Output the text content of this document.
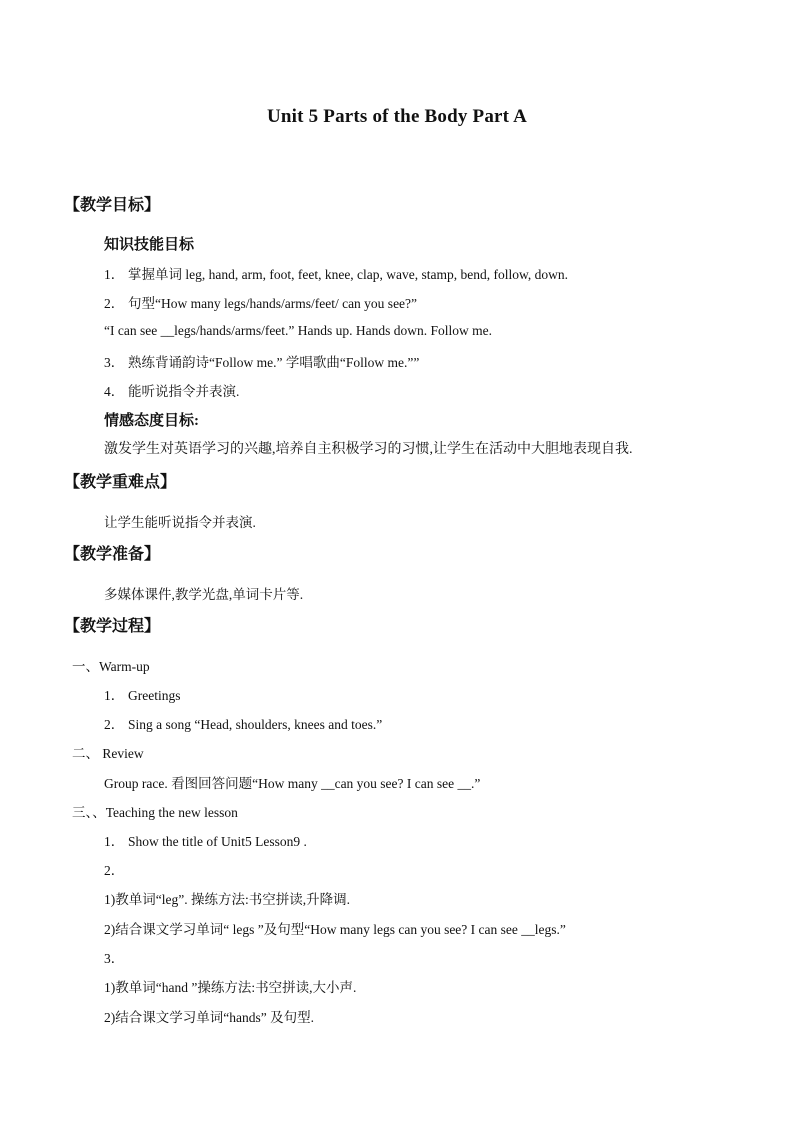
Unit 5 Parts of the Body Part A
【教学目标】
知识技能目标
1． 掌握单词 leg, hand, arm, foot, feet, knee, clap, wave, stamp, bend, follow, down.
2． 句型“How many legs/hands/arms/feet/ can you see?”
“I can see __legs/hands/arms/feet.” Hands up. Hands down. Follow me.
3． 熟练背诵韵诗“Follow me.” 学唱歌曲“Follow me.””
4． 能听说指令并表演.
情感态度目标:
激发学生对英语学习的兴趣,培养自主积极学习的习惯,让学生在活动中大胆地表现自我.
【教学重难点】
让学生能听说指令并表演.
【教学准备】
多媒体课件,教学光盘,单词卡片等.
【教学过程】
一、Warm-up
1． Greetings
2． Sing a song “Head, shoulders, knees and toes.”
二、 Review
Group race. 看图回答问题“How many __can you see? I can see __.”
三、、Teaching the new lesson
1． Show the title of Unit5 Lesson9 .
2．
1)教单词“leg”. 操练方法:书空拼读,升降调.
2)结合课文学习单词“ legs ”及句型“How many legs can you see? I can see __legs.”
3．
1)教单词“hand ”操练方法:书空拼读,大小声.
2)结合课文学习单词“hands” 及句型.
